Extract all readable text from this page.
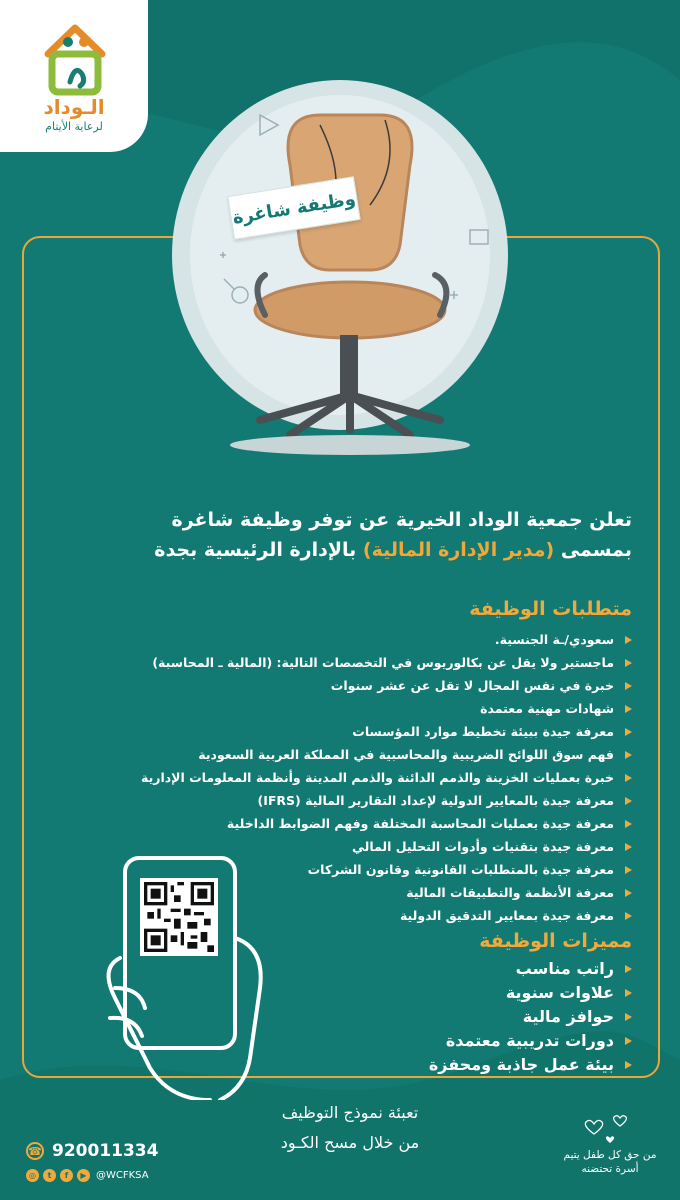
الـوداد
لرعاية الأيتام
وظيفة شاغرة
تعلن جمعية الوداد الخيرية عن توفر وظيفة شاغرة
بمسمى (مدير الإدارة المالية) بالإدارة الرئيسية بجدة
متطلبات الوظيفة
سعودي/ـة الجنسية.
ماجستير ولا يقل عن بكالوريوس في التخصصات التالية: (المالية ـ المحاسبة)
خبرة في نفس المجال لا تقل عن عشر سنوات
شهادات مهنية معتمدة
معرفة جيدة ببيئة تخطيط موارد المؤسسات
فهم سوق اللوائح الضريبية والمحاسبية في المملكة العربية السعودية
خبرة بعمليات الخزينة والذمم الدائنة والذمم المدينة وأنظمة المعلومات الإدارية
معرفة جيدة بالمعايير الدولية لإعداد التقارير المالية (IFRS)
معرفة جيدة بعمليات المحاسبة المختلفة وفهم الضوابط الداخلية
معرفة جيدة بتقنيات وأدوات التحليل المالي
معرفة جيدة بالمتطلبات القانونية وقانون الشركات
معرفة الأنظمة والتطبيقات المالية
معرفة جيدة بمعايير التدقيق الدولية
مميزات الوظيفة
راتب مناسب
علاوات سنوية
حوافز مالية
دورات تدريبية معتمدة
بيئة عمل جاذبة ومحفزة
تعبئة نموذج التوظيف
من خلال مسح الكـود
☎ 920011334
◎	t	f	▶ @WCFKSA
من حق كل طفل يتيم
أسرة تحتضنه
